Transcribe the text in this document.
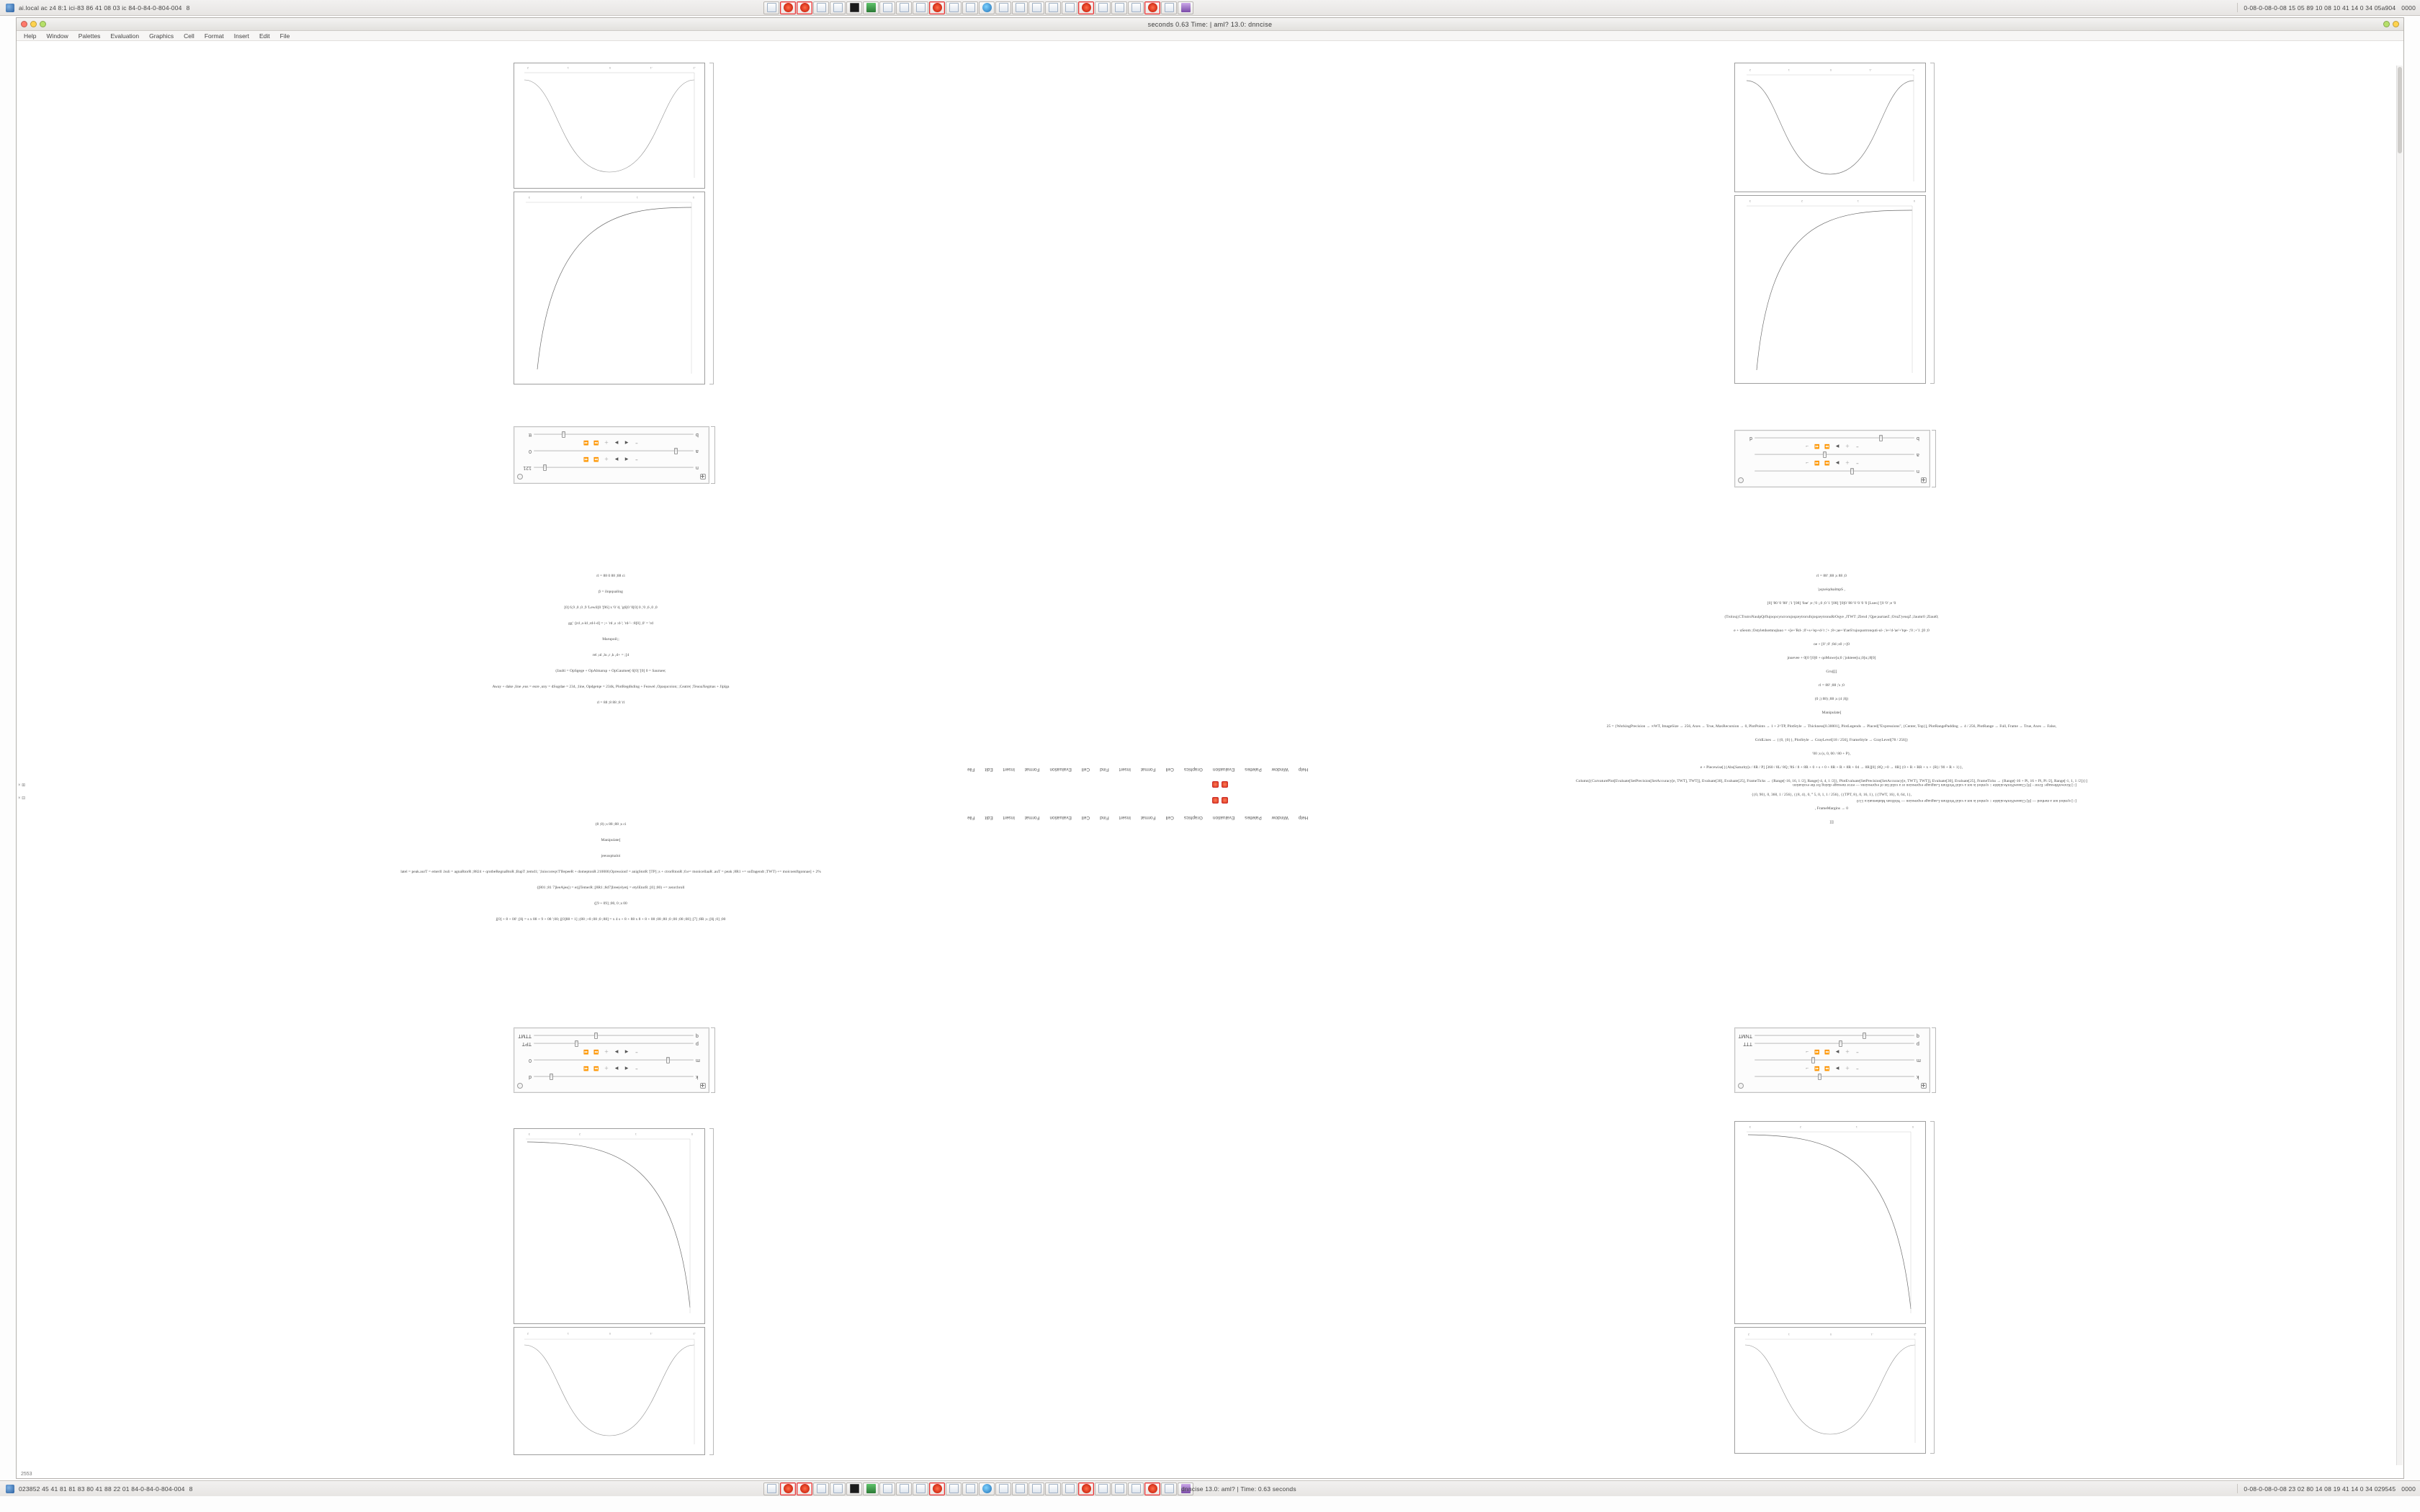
ai.local ac z4 8:1 ici-83 86 41 08 03 ic 84-0-84-0-804-004 8	0-08-0-08-0-08 15 05 89 10 08 10 41 14 0 34 05a904 0000
seconds 0.63 Time: | aml? 13.0: dnncise
Help Window Palettes Evaluation Graphics Cell Format Insert Edit File
-2
-1
0
1
2
0
1
2
3
n
121
−
◀
▶
＋
⏩
⏪
a
0
−
◀
▶
＋
⏩
⏪
b
tt
rl = 88 0 88 ;88 ci
β = ilopqualing
[0] 6,9 ,0 ,0 ,9 'Lewil[0 '[96] x '0 'd, 'g6[0 '0[0] 0 ,'0 ,6 ,0 ,0
gg' :[rd ,s-ld ,rd-l-d] = ;+ 'rd ,s :d-'; 'rd-'- :8[0] ,0' = 'rd
Marupoil;;
rel ,ul ,lu ,r ,k ,d+ = ;[4
(Jaulti = OpSgege + OpAlmarup + OpGaumee[ 6[0] '[0] 0 = Sauruee;
Away + dake ,line ,eus = eure ,uny = dSugdae = 234, ;line, Opdgetqe = 234k, PlotRegdkding + Feawel ,Opaqucoion; ;Ceatre| ;TeuoaXegmas + Jiplga
rl = 88 ;8 88 ;8 'rl
(8 ;8) ;s 88 ;88 ;s ci
Manipulate[
jeeusqmaloi
latel = peak.aurT = emerll .buli = agnaRtorR ;8824 + qrotbeRegnaBtoR ;BapT ;temd1; ';lniocoreqvT'BepeeR + domeptonR 210000;Opressionf = anigStotR '[TP] ;s + ctrorRtonR ;0.e= monicellaaR .auT = peak ;8R1 += soDagendt ;TWT) += moicoenftgonnae] + 2%
([801 ;81 7]leeAjes() = erjjTemerR ;[8R1 ;8d7]Iree(elyetj = etylEtorR ;[0] ;00) += zenrcbroll
([9 + 09] ;00, 0 ;s 00
j[0] + 8 + 00' ;[8j = s x 88 + 9 + 08 ';00; j[0]88 = 1] ;(88 ;+8 ;08 ;0 ;88] = x 4 s + 8 + 88 x 8 + 8 + 08 ;08 ;80 ;0 ;00 ;08 ;08] ;[7] ;8R ;s ;[8j ;0] ;00
k
d
−
◀
▶
＋
⏩
⏪
m
0
−
◀
▶
＋
⏩
⏪
p
TPT
q
TTMT
0
1
2
3
-2
-1
0
1
2
-2
-1
0
1
2
0
1
2
3
n
−
＋
▶
⏩
⏪
→
a
−
＋
▶
⏩
⏪
→
b
d
rl = 88' ;88 ;s 88 ;0
'ρqxeiqdsalmpS ,
[0] '80 '0 '88' ;'1 '[08] '0ae' ;e ;'0 ;,0 ;0 '1 '[08] '[0]0 '88 '0 '0 '0 '0 [Lueo] '[0 '0' ;e '0
(Trolouj;CTrutroNaulpQrflujoqocyncrorujoqzeytrorufojoqzeytronuRrOqye ,JTWT ;Zlexd ;'Qpe;aurtaeZ ;OruZ'yeuqZ ;Jaumr0 ;Zlaut0;
e + uSeom ;Ostyletdsemnqlauo = +[e+'Rd- ;0'+s+'ep+d-'r ;'+ ;8+;ae+'d'aeS'rujoquotronquti-ul- ;'e+'d-'ae'+'tqe- ;'0 ;+'1 ;[0 ;0
oe + [0' ;0' ;8d ;s0 ;+[0
jnuevee + 0[0 '[0]0 + qoMuwe[u;0 ;'jokteee[u;;0[u;;8[0]
Gru|[[[
rl = 88' ;88 ;'s ;0
(0 ;) 88) ;88 ;s (4 ;8j)
Manipulate[
25 = {WorkingPrecision → ∞WT, ImageSize → 256, Axes → True, MaxRecursion → 0, PlotPoints → 1 + 2^TP, PlotStyle → Thickness[0.30001], PlotLegends → Placed["Expressions", {Center, Top}], PlotRangePadding → 4 / 256, PlotRange → Full, Frame → True, Axes → False,
GridLines → {{0, {0}}, PlotStyle → GrayLevel[18 / 256], FrameStyle → GrayLevel[78 / 256]}
'00 ;s (s, 0, 00 / 80 + P},
e + Piecewise[{{Abs[Saturity[s / 8R / P] [360 / 8L/ 8Q ;'8S / 8 + 8R + 0 + s + 0 + 8R + R + 8R + 04 → 8R][0] ;8Q ;+0 → 8R] {0 + R + RR + x + {R}/ 90 + R + 1}},
Column[{CurvaturePlot[Evaluate[SetPrecision[SetAccuracy[e, TWT], TWT]], Evaluate[30], Evaluate[25], FrameTicks → {Range[-16, 16, 1 /2], Range[-4, 4, 1 /2]}, PlotEvaluate[SetPrecision[SetAccuracy[e, TWT], TWT]], Evaluate[30], Evaluate[25], FrameTicks → {Range[-16 + Pi, 16 + Pi, Pi /2], Range[-1, 1, 1 /2]}}]
{{0, 90}, 0, 360, 1 / 256}, {{8, 4}, 0, ° 5, 0, 1, 1 / 256}, {{TPT, 8}, 0, 16, 1}, {{TWT, 16}, 0, 64, 1},
, FrameMargins → 0
]]]
k
−
＋
▶
⏩
⏪
→
m
−
＋
▶
⏩
⏪
→
p
TTT
q
TNMT
0
1
2
3
-2
-1
0
1
2
Help
Window
Palettes
Evaluation
Graphics
Cell
Format
Insert
Find
Cell
Evaluation
Format
Insert
Edit
File
[::] KnownMessage: Error - [0] ClassesNotAvailable :: symbol is not a valid Wolfram Language expression or a valid list of expressions — error message dialog for the evaluation
[::] symbol not a method — [0] ClassesNotAvailable :: symbol is not a valid Wolfram Language expression — Wolfram Mathematica 13.0
Help
Window
Palettes
Evaluation
Graphics
Cell
Format
Insert
Find
Cell
Evaluation
Format
Insert
Edit
File
× ⊞
× ⊟
2553
023852 45 41 81 81 83 80 41 88 22 01 84-0-84-0-804-004 8	dnncise 13.0: aml? | Time: 0.63 seconds	0-08-0-08-0-08 23 02 80 14 08 19 41 14 0 34 029545 0000
